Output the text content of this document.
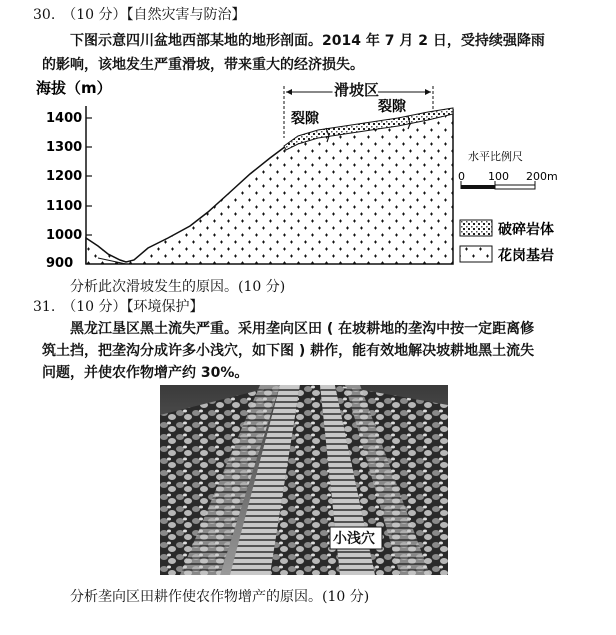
30.　（10 分）【自然灾害与防治】
下图示意四川盆地西部某地的地形剖面。2014 年 7 月 2 日，受持续强降雨
的影响，该地发生严重滑坡，带来重大的经济损失。
海拔（m）
1400
1300
1200
1100
1000
900
滑坡区
裂隙
裂隙
水平比例尺
0 100 200m
破碎岩体
花岗基岩
分析此次滑坡发生的原因。(10 分)
31.　（10 分）【环境保护】
黑龙江垦区黑土流失严重。采用垄向区田 ( 在坡耕地的垄沟中按一定距离修
筑土挡，把垄沟分成许多小浅穴，如下图 ) 耕作，能有效地解决坡耕地黑土流失
问题，并使农作物增产约 30%。
小浅穴
分析垄向区田耕作使农作物增产的原因。(10 分)
